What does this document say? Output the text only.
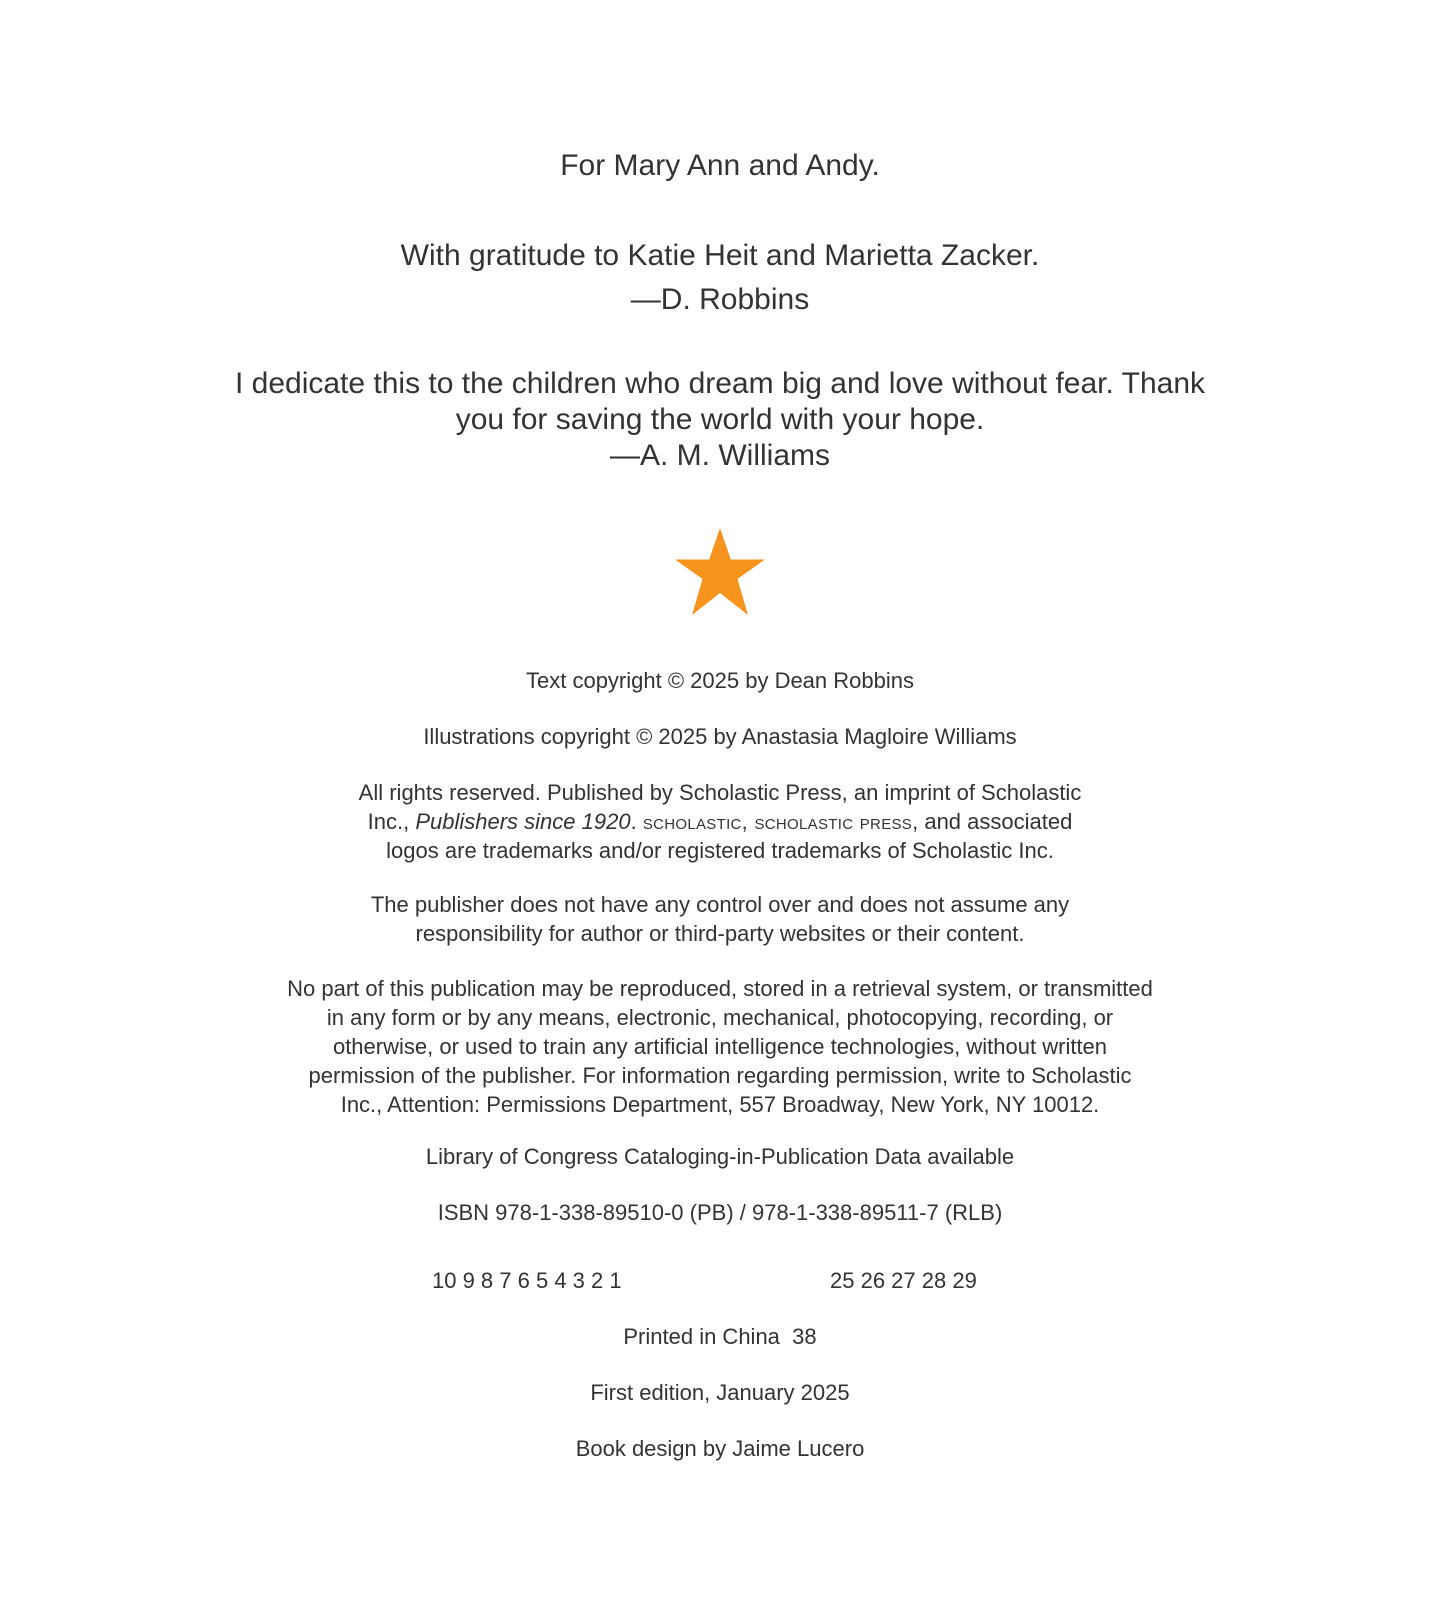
For Mary Ann and Andy.
With gratitude to Katie Heit and Marietta Zacker.
—D. Robbins
I dedicate this to the children who dream big and love without fear. Thank
you for saving the world with your hope.
—A. M. Williams
Text copyright © 2025 by Dean Robbins
Illustrations copyright © 2025 by Anastasia Magloire Williams
All rights reserved. Published by Scholastic Press, an imprint of Scholastic
Inc., Publishers since 1920. scholastic, scholastic press, and associated
logos are trademarks and/or registered trademarks of Scholastic Inc.
The publisher does not have any control over and does not assume any
responsibility for author or third-party websites or their content.
No part of this publication may be reproduced, stored in a retrieval system, or transmitted
in any form or by any means, electronic, mechanical, photocopying, recording, or
otherwise, or used to train any artificial intelligence technologies, without written
permission of the publisher. For information regarding permission, write to Scholastic
Inc., Attention: Permissions Department, 557 Broadway, New York, NY 10012.
Library of Congress Cataloging-in-Publication Data available
ISBN 978-1-338-89510-0 (PB) / 978-1-338-89511-7 (RLB)
10 9 8 7 6 5 4 3 2 1	25 26 27 28 29
Printed in China  38
First edition, January 2025
Book design by Jaime Lucero
